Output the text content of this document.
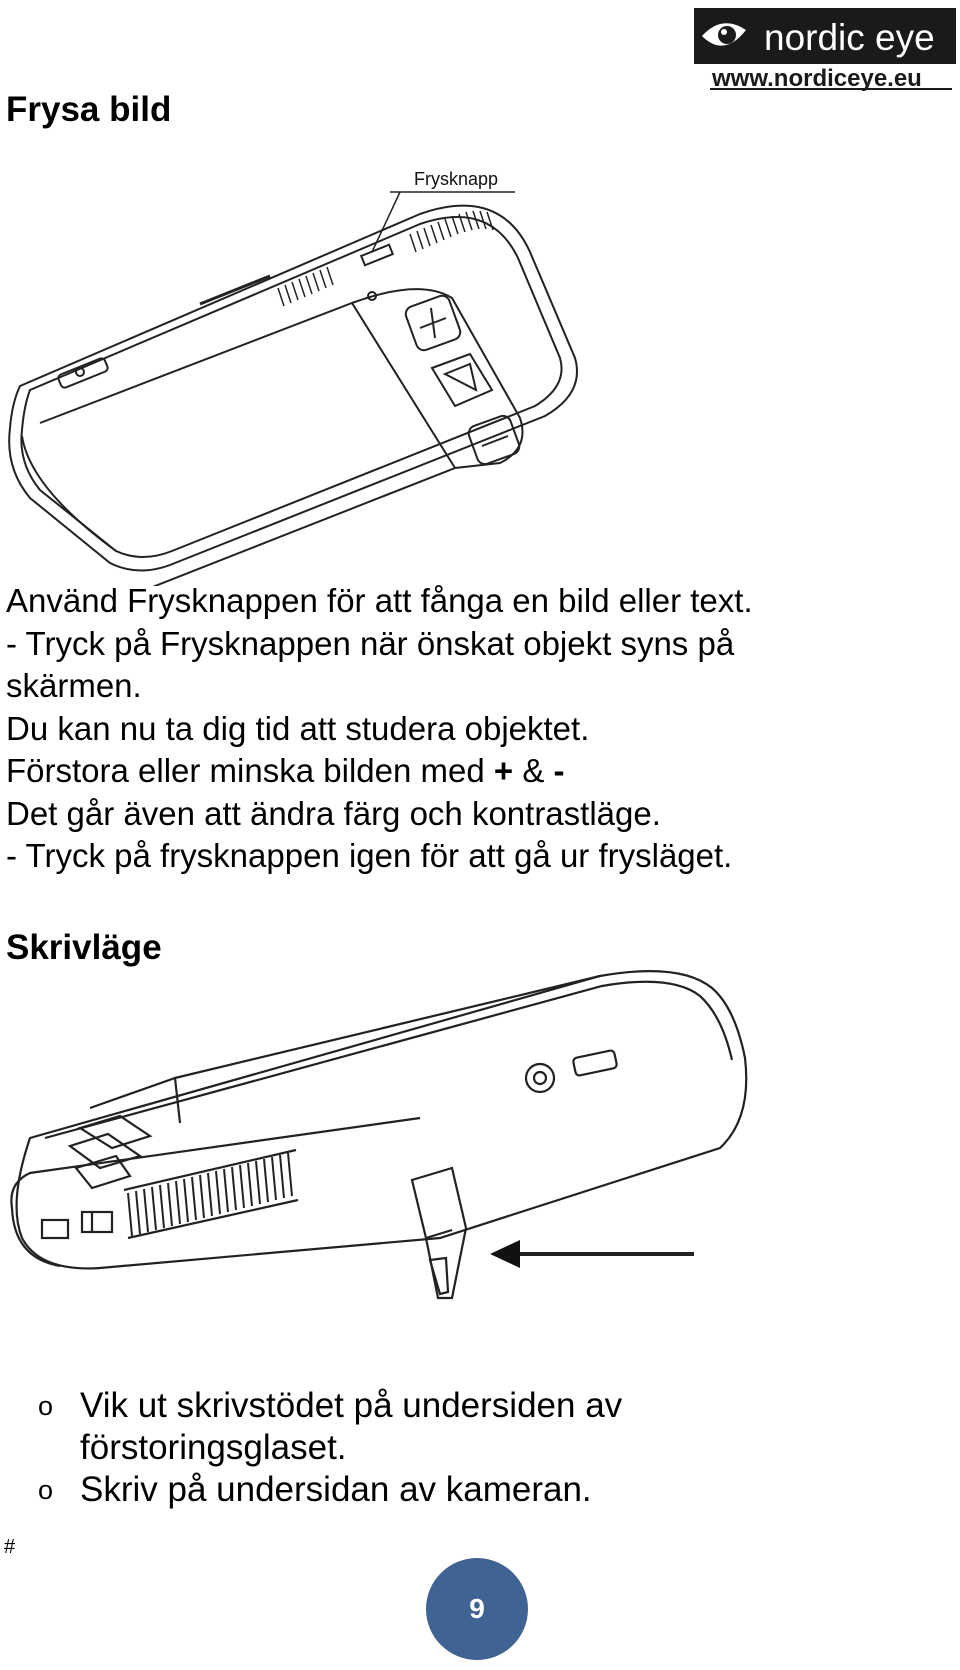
nordic eye
www.nordiceye.eu
Frysa bild
Frysknapp

Använd Frysknappen för att fånga en bild eller text.

- Tryck på Frysknappen när önskat objekt syns på

skärmen.

Du kan nu ta dig tid att studera objektet.

Förstora eller minska bilden med + & -

Det går även att ändra färg och kontrastläge.

- Tryck på frysknappen igen för att gå ur frysläget.

Skrivläge
o Vik ut skrivstödet på undersiden av
förstoringsglaset.
o Skriv på undersidan av kameran.
#
9
